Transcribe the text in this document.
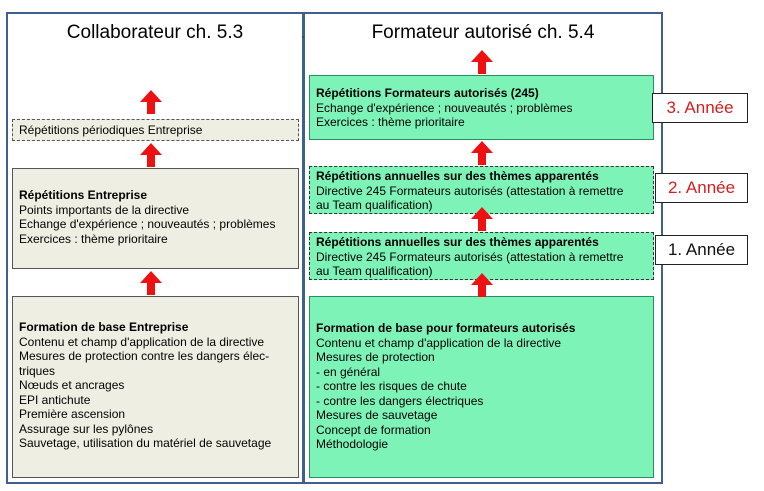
Collaborateur ch. 5.3	Formateur autorisé ch. 5.4
`
Répétitions périodiques Entreprise
Répétitions Entreprise
Points importants de la directive
Echange d'expérience ; nouveautés ; problèmes
Exercices : thème prioritaire
Formation de base Entreprise
Contenu et champ d'application de la directive
Mesures de protection contre les dangers élec-
triques
Nœuds et ancrages
EPI antichute
Première ascension
Assurage sur les pylônes
Sauvetage, utilisation du matériel de sauvetage
Répétitions Formateurs autorisés (245)
Echange d'expérience ; nouveautés ; problèmes
Exercices : thème prioritaire
Répétitions annuelles sur des thèmes apparentés
Directive 245 Formateurs autorisés (attestation à remettre
au Team qualification)
Répétitions annuelles sur des thèmes apparentés
Directive 245 Formateurs autorisés (attestation à remettre
au Team qualification)
Formation de base pour formateurs autorisés
Contenu et champ d'application de la directive
Mesures de protection
- en général
- contre les risques de chute
- contre les dangers électriques
Mesures de sauvetage
Concept de formation
Méthodologie
3. Année
2. Année
1. Année
